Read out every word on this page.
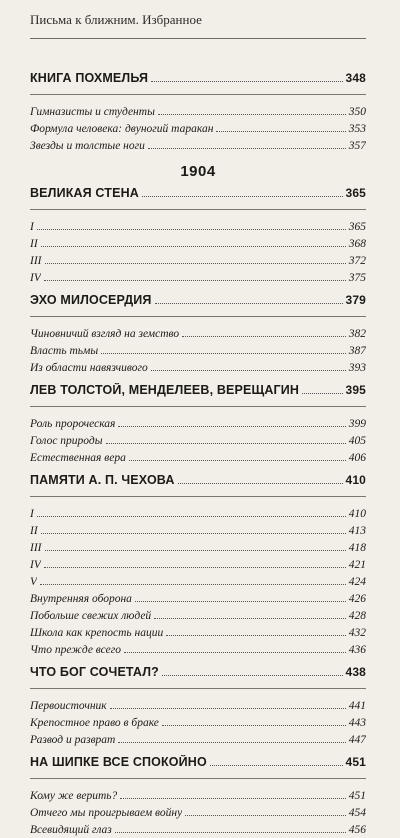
Письма к ближним. Избранное
КНИГА ПОХМЕЛЬЯ	348
Гимназисты и студенты	350
Формула человека: двуногий таракан	353
Звезды и толстые ноги	357
1904
ВЕЛИКАЯ СТЕНА	365
I	365
II	368
III	372
IV	375
ЭХО МИЛОСЕРДИЯ	379
Чиновничий взгляд на земство	382
Власть тьмы	387
Из области навязчивого	393
ЛЕВ ТОЛСТОЙ, МЕНДЕЛЕЕВ, ВЕРЕЩАГИН	395
Роль пророческая	399
Голос природы	405
Естественная вера	406
ПАМЯТИ А. П. ЧЕХОВА	410
I	410
II	413
III	418
IV	421
V	424
Внутренняя оборона	426
Побольше свежих людей	428
Школа как крепость нации	432
Что прежде всего	436
ЧТО БОГ СОЧЕТАЛ?	438
Первоисточник	441
Крепостное право в браке	443
Развод и разврат	447
НА ШИПКЕ ВСЕ СПОКОЙНО	451
Кому же верить?	451
Отчего мы проигрываем войну	454
Всевидящий глаз	456
